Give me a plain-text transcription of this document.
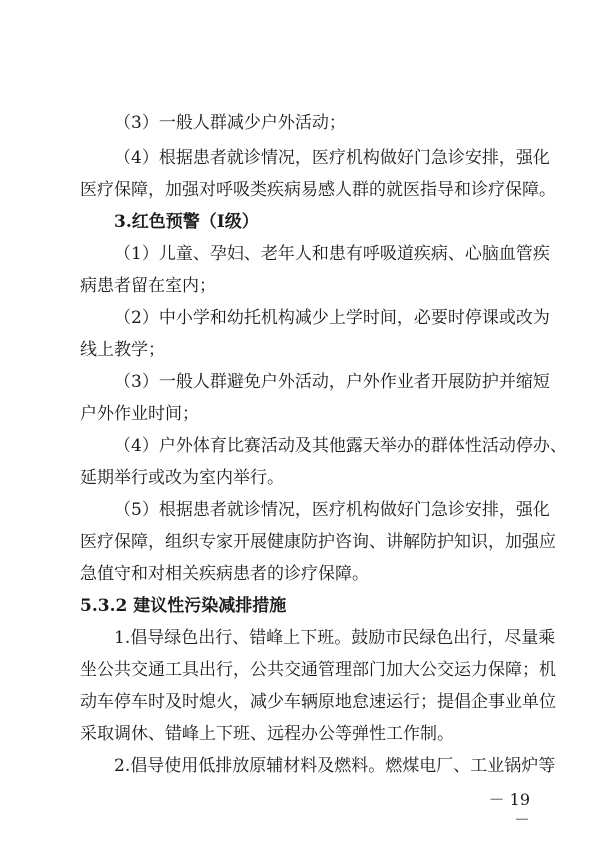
（3）一般人群减少户外活动；
（4）根据患者就诊情况，医疗机构做好门急诊安排，强化
医疗保障，加强对呼吸类疾病易感人群的就医指导和诊疗保障。
3.红色预警（I级）
（1）儿童、孕妇、老年人和患有呼吸道疾病、心脑血管疾
病患者留在室内；
（2）中小学和幼托机构减少上学时间，必要时停课或改为
线上教学；
（3）一般人群避免户外活动，户外作业者开展防护并缩短
户外作业时间；
（4）户外体育比赛活动及其他露天举办的群体性活动停办、
延期举行或改为室内举行。
（5）根据患者就诊情况，医疗机构做好门急诊安排，强化
医疗保障，组织专家开展健康防护咨询、讲解防护知识，加强应
急值守和对相关疾病患者的诊疗保障。
5.3.2 建议性污染减排措施
1.倡导绿色出行、错峰上下班。鼓励市民绿色出行，尽量乘
坐公共交通工具出行，公共交通管理部门加大公交运力保障；机
动车停车时及时熄火，减少车辆原地怠速运行；提倡企事业单位
采取调休、错峰上下班、远程办公等弹性工作制。
2.倡导使用低排放原辅材料及燃料。燃煤电厂、工业锅炉等
－ 19 －
